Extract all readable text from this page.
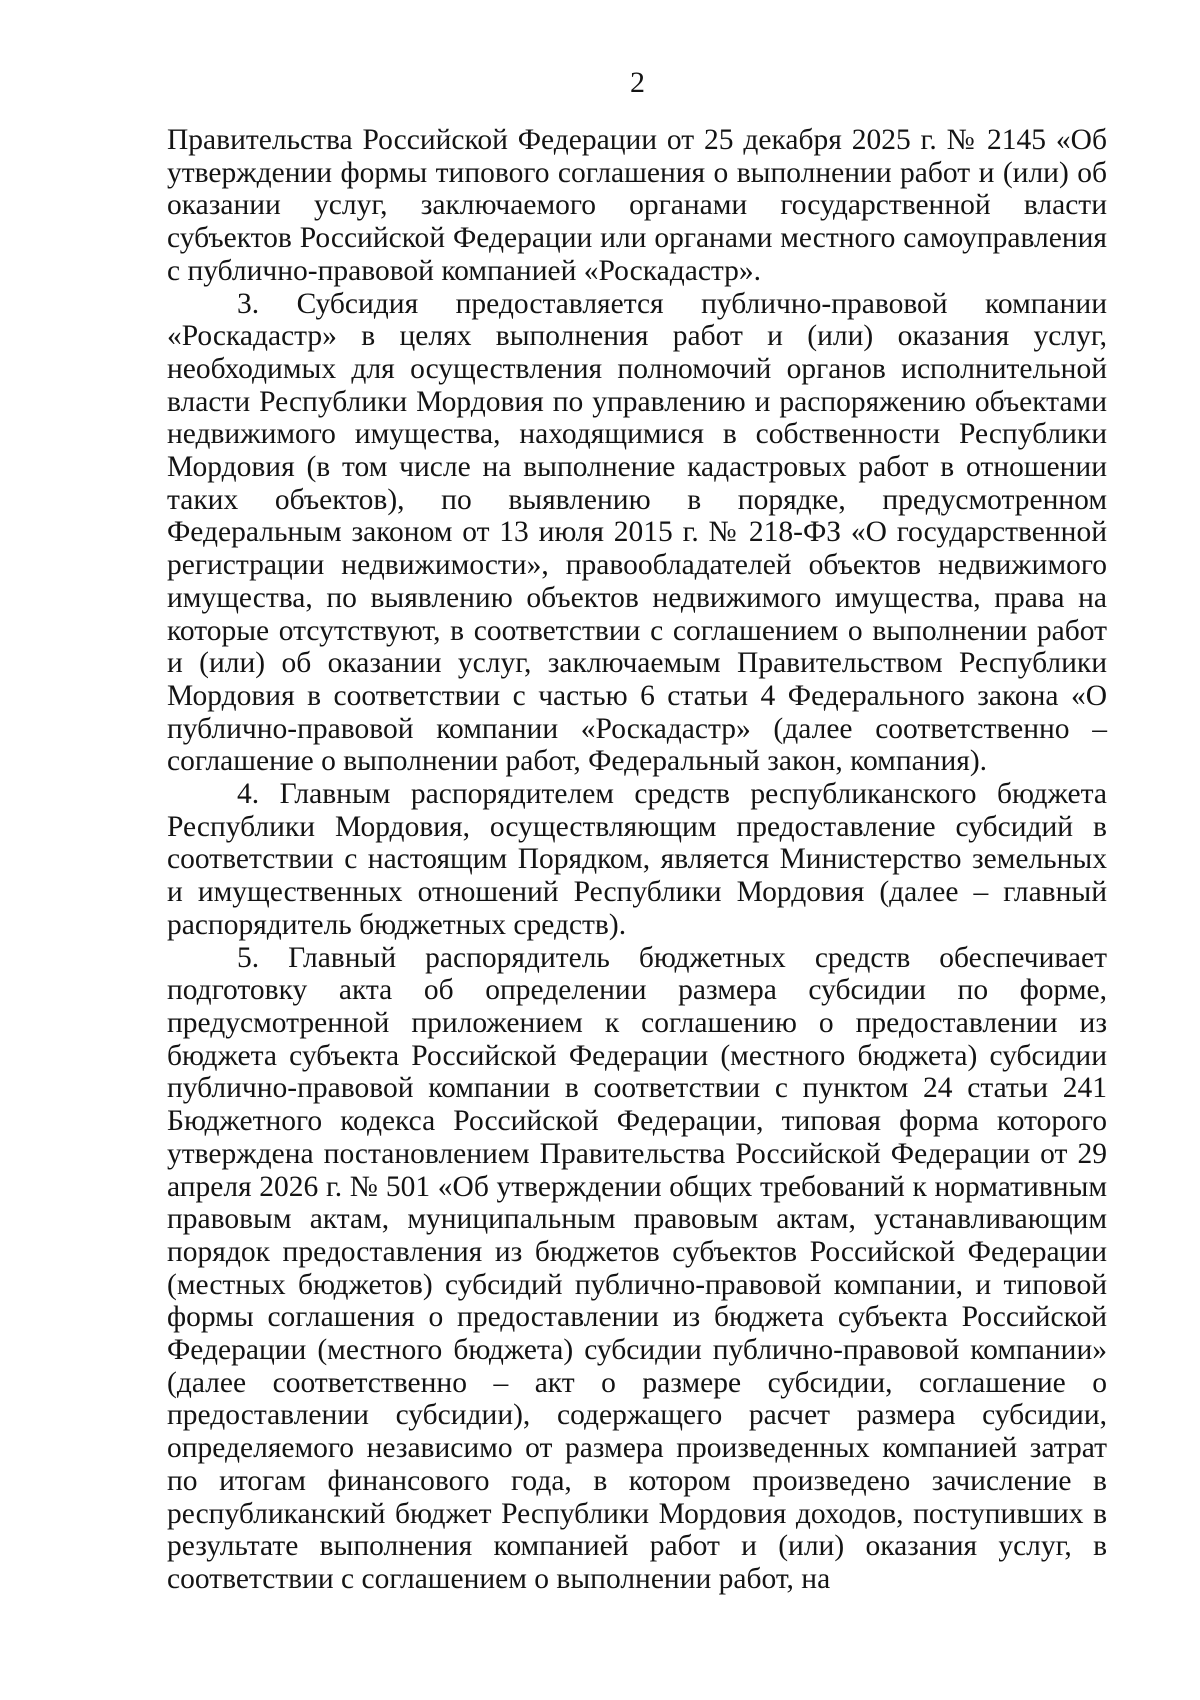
2

Правительства Российской Федерации от 25 декабря 2025 г. № 2145 «Об утверждении формы типового соглашения о выполнении работ и (или) об оказании услуг, заключаемого органами государственной власти субъектов Российской Федерации или органами местного самоуправления с публично-правовой компанией «Роскадастр».

3. Субсидия предоставляется публично-правовой компании «Роскадастр» в целях выполнения работ и (или) оказания услуг, необходимых для осуществления полномочий органов исполнительной власти Республики Мордовия по управлению и распоряжению объектами недвижимого имущества, находящимися в собственности Республики Мордовия (в том числе на выполнение кадастровых работ в отношении таких объектов), по выявлению в порядке, предусмотренном Федеральным законом от 13 июля 2015 г. № 218-ФЗ «О государственной регистрации недвижимости», правообладателей объектов недвижимого имущества, по выявлению объектов недвижимого имущества, права на которые отсутствуют, в соответствии с соглашением о выполнении работ и (или) об оказании услуг, заключаемым Правительством Республики Мордовия в соответствии с частью 6 статьи 4 Федерального закона «О публично-правовой компании «Роскадастр» (далее соответственно – соглашение о выполнении работ, Федеральный закон, компания).

4. Главным распорядителем средств республиканского бюджета Республики Мордовия, осуществляющим предоставление субсидий в соответствии с настоящим Порядком, является Министерство земельных и имущественных отношений Республики Мордовия (далее – главный распорядитель бюджетных средств).

5. Главный распорядитель бюджетных средств обеспечивает подготовку акта об определении размера субсидии по форме, предусмотренной приложением к соглашению о предоставлении из бюджета субъекта Российской Федерации (местного бюджета) субсидии публично-правовой компании в соответствии с пунктом 24 статьи 241 Бюджетного кодекса Российской Федерации, типовая форма которого утверждена постановлением Правительства Российской Федерации от 29 апреля 2026 г. № 501 «Об утверждении общих требований к нормативным правовым актам, муниципальным правовым актам, устанавливающим порядок предоставления из бюджетов субъектов Российской Федерации (местных бюджетов) субсидий публично-правовой компании, и типовой формы соглашения о предоставлении из бюджета субъекта Российской Федерации (местного бюджета) субсидии публично-правовой компании» (далее соответственно – акт о размере субсидии, соглашение о предоставлении субсидии), содержащего расчет размера субсидии, определяемого независимо от размера произведенных компанией затрат по итогам финансового года, в котором произведено зачисление в республиканский бюджет Республики Мордовия доходов, поступивших в результате выполнения компанией работ и (или) оказания услуг, в соответствии с соглашением о выполнении работ, на
